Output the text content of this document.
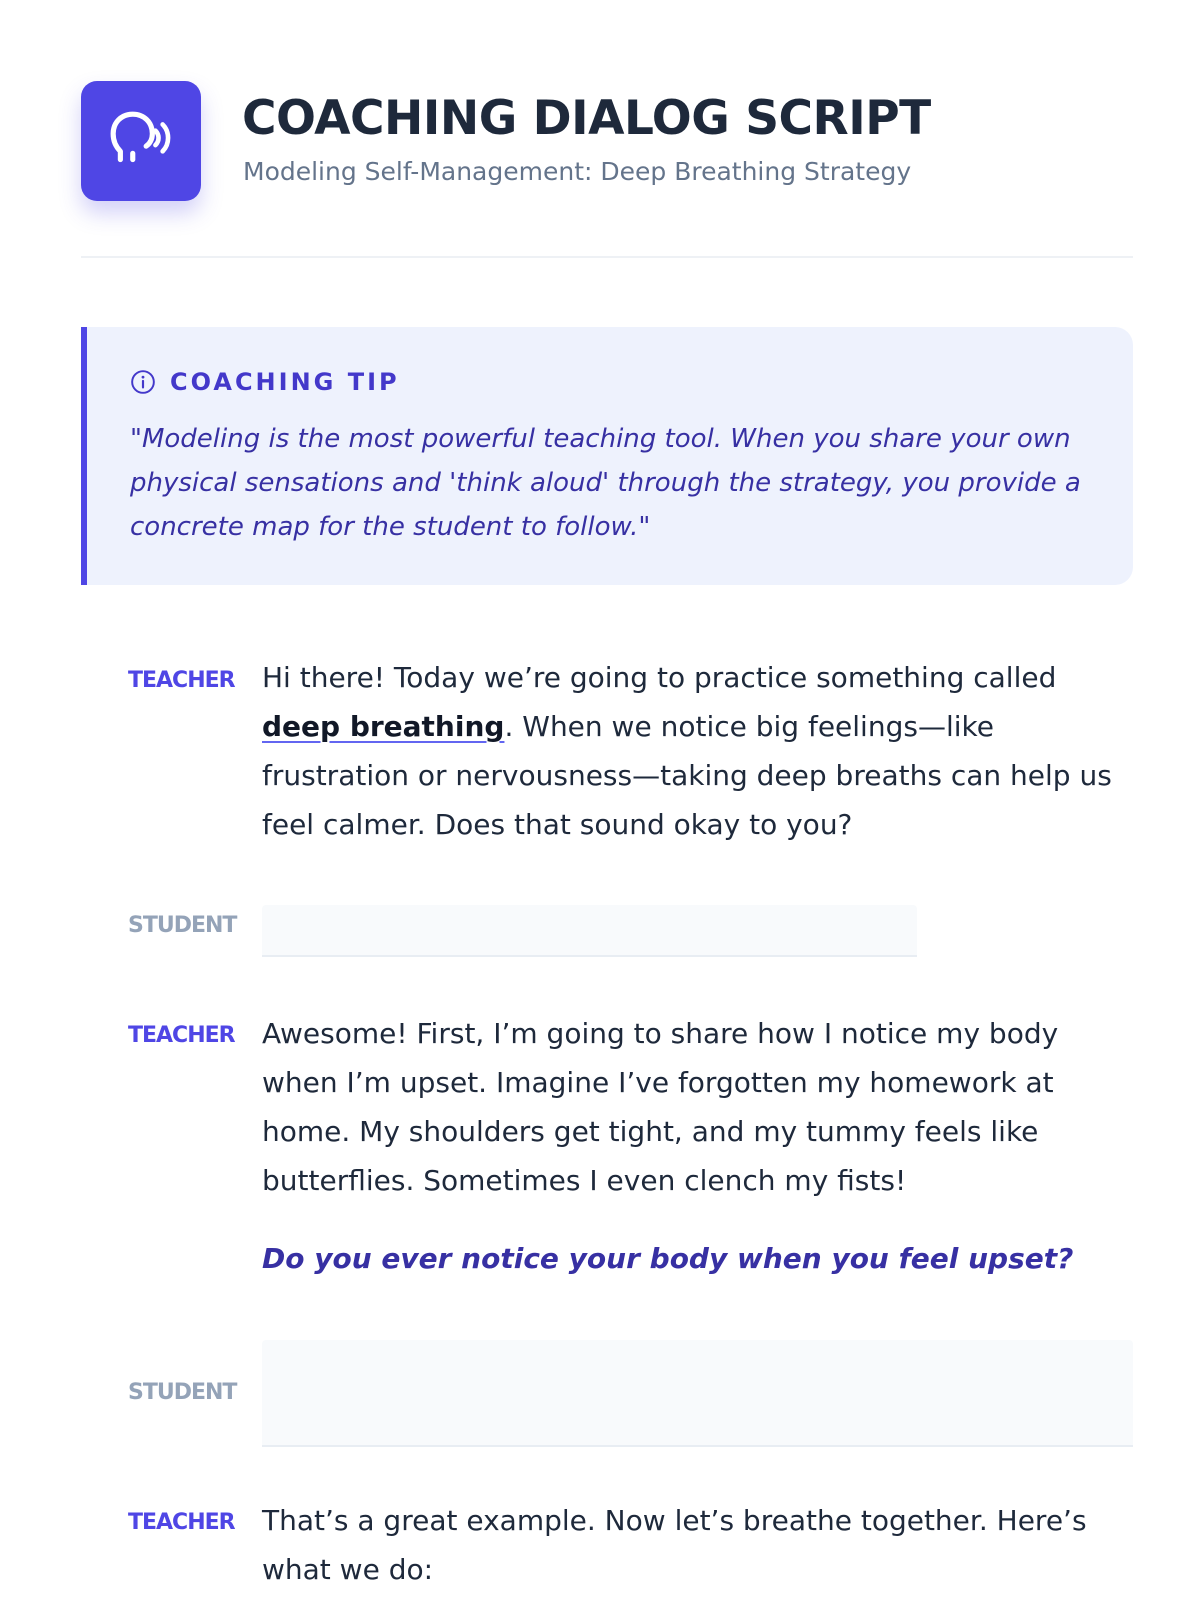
COACHING DIALOG SCRIPT

Modeling Self-Management: Deep Breathing Strategy

COACHING TIP

"Modeling is the most powerful teaching tool. When you share your own
physical sensations and 'think aloud' through the strategy, you provide a
concrete map for the student to follow."

TEACHER Hi there! Today we’re going to practice something called
deep breathing. When we notice big feelings—like
frustration or nervousness—taking deep breaths can help us
feel calmer. Does that sound okay to you?
STUDENT
TEACHER Awesome! First, I’m going to share how I notice my body
when I’m upset. Imagine I’ve forgotten my homework at
home. My shoulders get tight, and my tummy feels like
butterflies. Sometimes I even clench my fists!
Do you ever notice your body when you feel upset?
STUDENT
TEACHER That’s a great example. Now let’s breathe together. Here’s
what we do:
